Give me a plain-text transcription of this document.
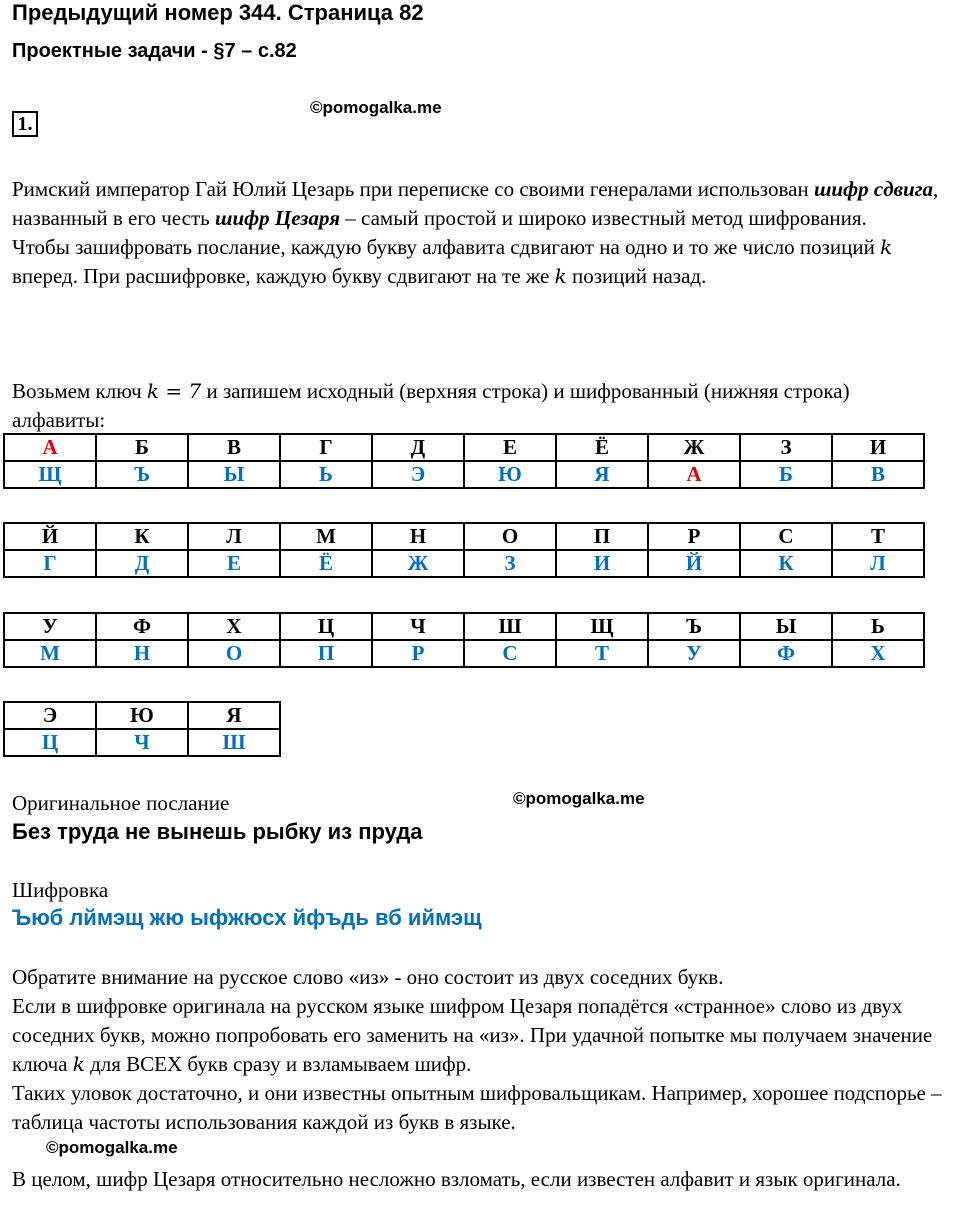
Предыдущий номер 344. Страница 82
Проектные задачи - §7 – с.82
1.
©pomogalka.me

Римский император Гай Юлий Цезарь при переписке со своими генералами использован шифр сдвига, названный в его честь шифр Цезаря – самый простой и широко известный метод шифрования.

Чтобы зашифровать послание, каждую букву алфавита сдвигают на одно и то же число позиций k вперед. При расшифровке, каждую букву сдвигают на те же k позиций назад.

Возьмем ключ k = 7 и запишем исходный (верхняя строка) и шифрованный (нижняя строка) алфавиты:

А	Б	В	Г	Д	Е	Ё	Ж	З	И
Щ	Ъ	Ы	Ь	Э	Ю	Я	А	Б	В
Й	К	Л	М	Н	О	П	Р	С	Т
Г	Д	Е	Ё	Ж	З	И	Й	К	Л
У	Ф	Х	Ц	Ч	Ш	Щ	Ъ	Ы	Ь
М	Н	О	П	Р	С	Т	У	Ф	Х
Э	Ю	Я
Ц	Ч	Ш
Оригинальное послание	©pomogalka.me
Без труда не вынешь рыбку из пруда
Шифровка
Ъюб лймэщ жю ыфжюсх йфъдь вб иймэщ

Обратите внимание на русское слово «из» - оно состоит из двух соседних букв.

Если в шифровке оригинала на русском языке шифром Цезаря попадётся «странное» слово из двух соседних букв, можно попробовать его заменить на «из». При удачной попытке мы получаем значение ключа k для ВСЕХ букв сразу и взламываем шифр.

Таких уловок достаточно, и они известны опытным шифровальщикам. Например, хорошее подспорье – таблица частоты использования каждой из букв в языке.

©pomogalka.me

В целом, шифр Цезаря относительно несложно взломать, если известен алфавит и язык оригинала.
